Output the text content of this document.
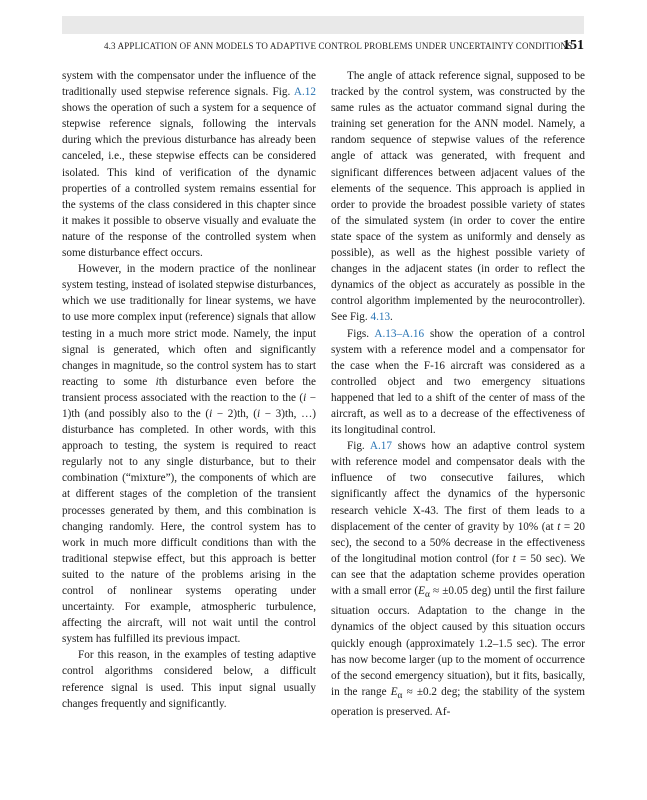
4.3 APPLICATION OF ANN MODELS TO ADAPTIVE CONTROL PROBLEMS UNDER UNCERTAINTY CONDITIONS
151

system with the compensator under the influence of the traditionally used stepwise reference signals. Fig. A.12 shows the operation of such a system for a sequence of stepwise reference signals, following the intervals during which the previous disturbance has already been canceled, i.e., these stepwise effects can be considered isolated. This kind of verification of the dynamic properties of a controlled system remains essential for the systems of the class considered in this chapter since it makes it possible to observe visually and evaluate the nature of the response of the controlled system when some disturbance effect occurs.

However, in the modern practice of the nonlinear system testing, instead of isolated stepwise disturbances, which we use traditionally for linear systems, we have to use more complex input (reference) signals that allow testing in a much more strict mode. Namely, the input signal is generated, which often and significantly changes in magnitude, so the control system has to start reacting to some ith disturbance even before the transient process associated with the reaction to the (i − 1)th (and possibly also to the (i − 2)th, (i − 3)th, …) disturbance has completed. In other words, with this approach to testing, the system is required to react regularly not to any single disturbance, but to their combination (“mixture”), the components of which are at different stages of the completion of the transient processes generated by them, and this combination is changing randomly. Here, the control system has to work in much more difficult conditions than with the traditional stepwise effect, but this approach is better suited to the nature of the problems arising in the control of nonlinear systems operating under uncertainty. For example, atmospheric turbulence, affecting the aircraft, will not wait until the control system has fulfilled its previous impact.

For this reason, in the examples of testing adaptive control algorithms considered below, a difficult reference signal is used. This input signal usually changes frequently and significantly.

The angle of attack reference signal, supposed to be tracked by the control system, was constructed by the same rules as the actuator command signal during the training set generation for the ANN model. Namely, a random sequence of stepwise values of the reference angle of attack was generated, with frequent and significant differences between adjacent values of the elements of the sequence. This approach is applied in order to provide the broadest possible variety of states of the simulated system (in order to cover the entire state space of the system as uniformly and densely as possible), as well as the highest possible variety of changes in the adjacent states (in order to reflect the dynamics of the object as accurately as possible in the control algorithm implemented by the neurocontroller). See Fig. 4.13.

Figs. A.13–A.16 show the operation of a control system with a reference model and a compensator for the case when the F-16 aircraft was considered as a controlled object and two emergency situations happened that led to a shift of the center of mass of the aircraft, as well as to a decrease of the effectiveness of its longitudinal control.

Fig. A.17 shows how an adaptive control system with reference model and compensator deals with the influence of two consecutive failures, which significantly affect the dynamics of the hypersonic research vehicle X-43. The first of them leads to a displacement of the center of gravity by 10% (at t = 20 sec), the second to a 50% decrease in the effectiveness of the longitudinal motion control (for t = 50 sec). We can see that the adaptation scheme provides operation with a small error ($E_\alpha \approx \pm 0.05$ deg) until the first failure situation occurs. Adaptation to the change in the dynamics of the object caused by this situation occurs quickly enough (approximately 1.2–1.5 sec). The error has now become larger (up to the moment of occurrence of the second emergency situation), but it fits, basically, in the range $E_\alpha \approx \pm 0.2$ deg; the stability of the system operation is preserved. Af-
